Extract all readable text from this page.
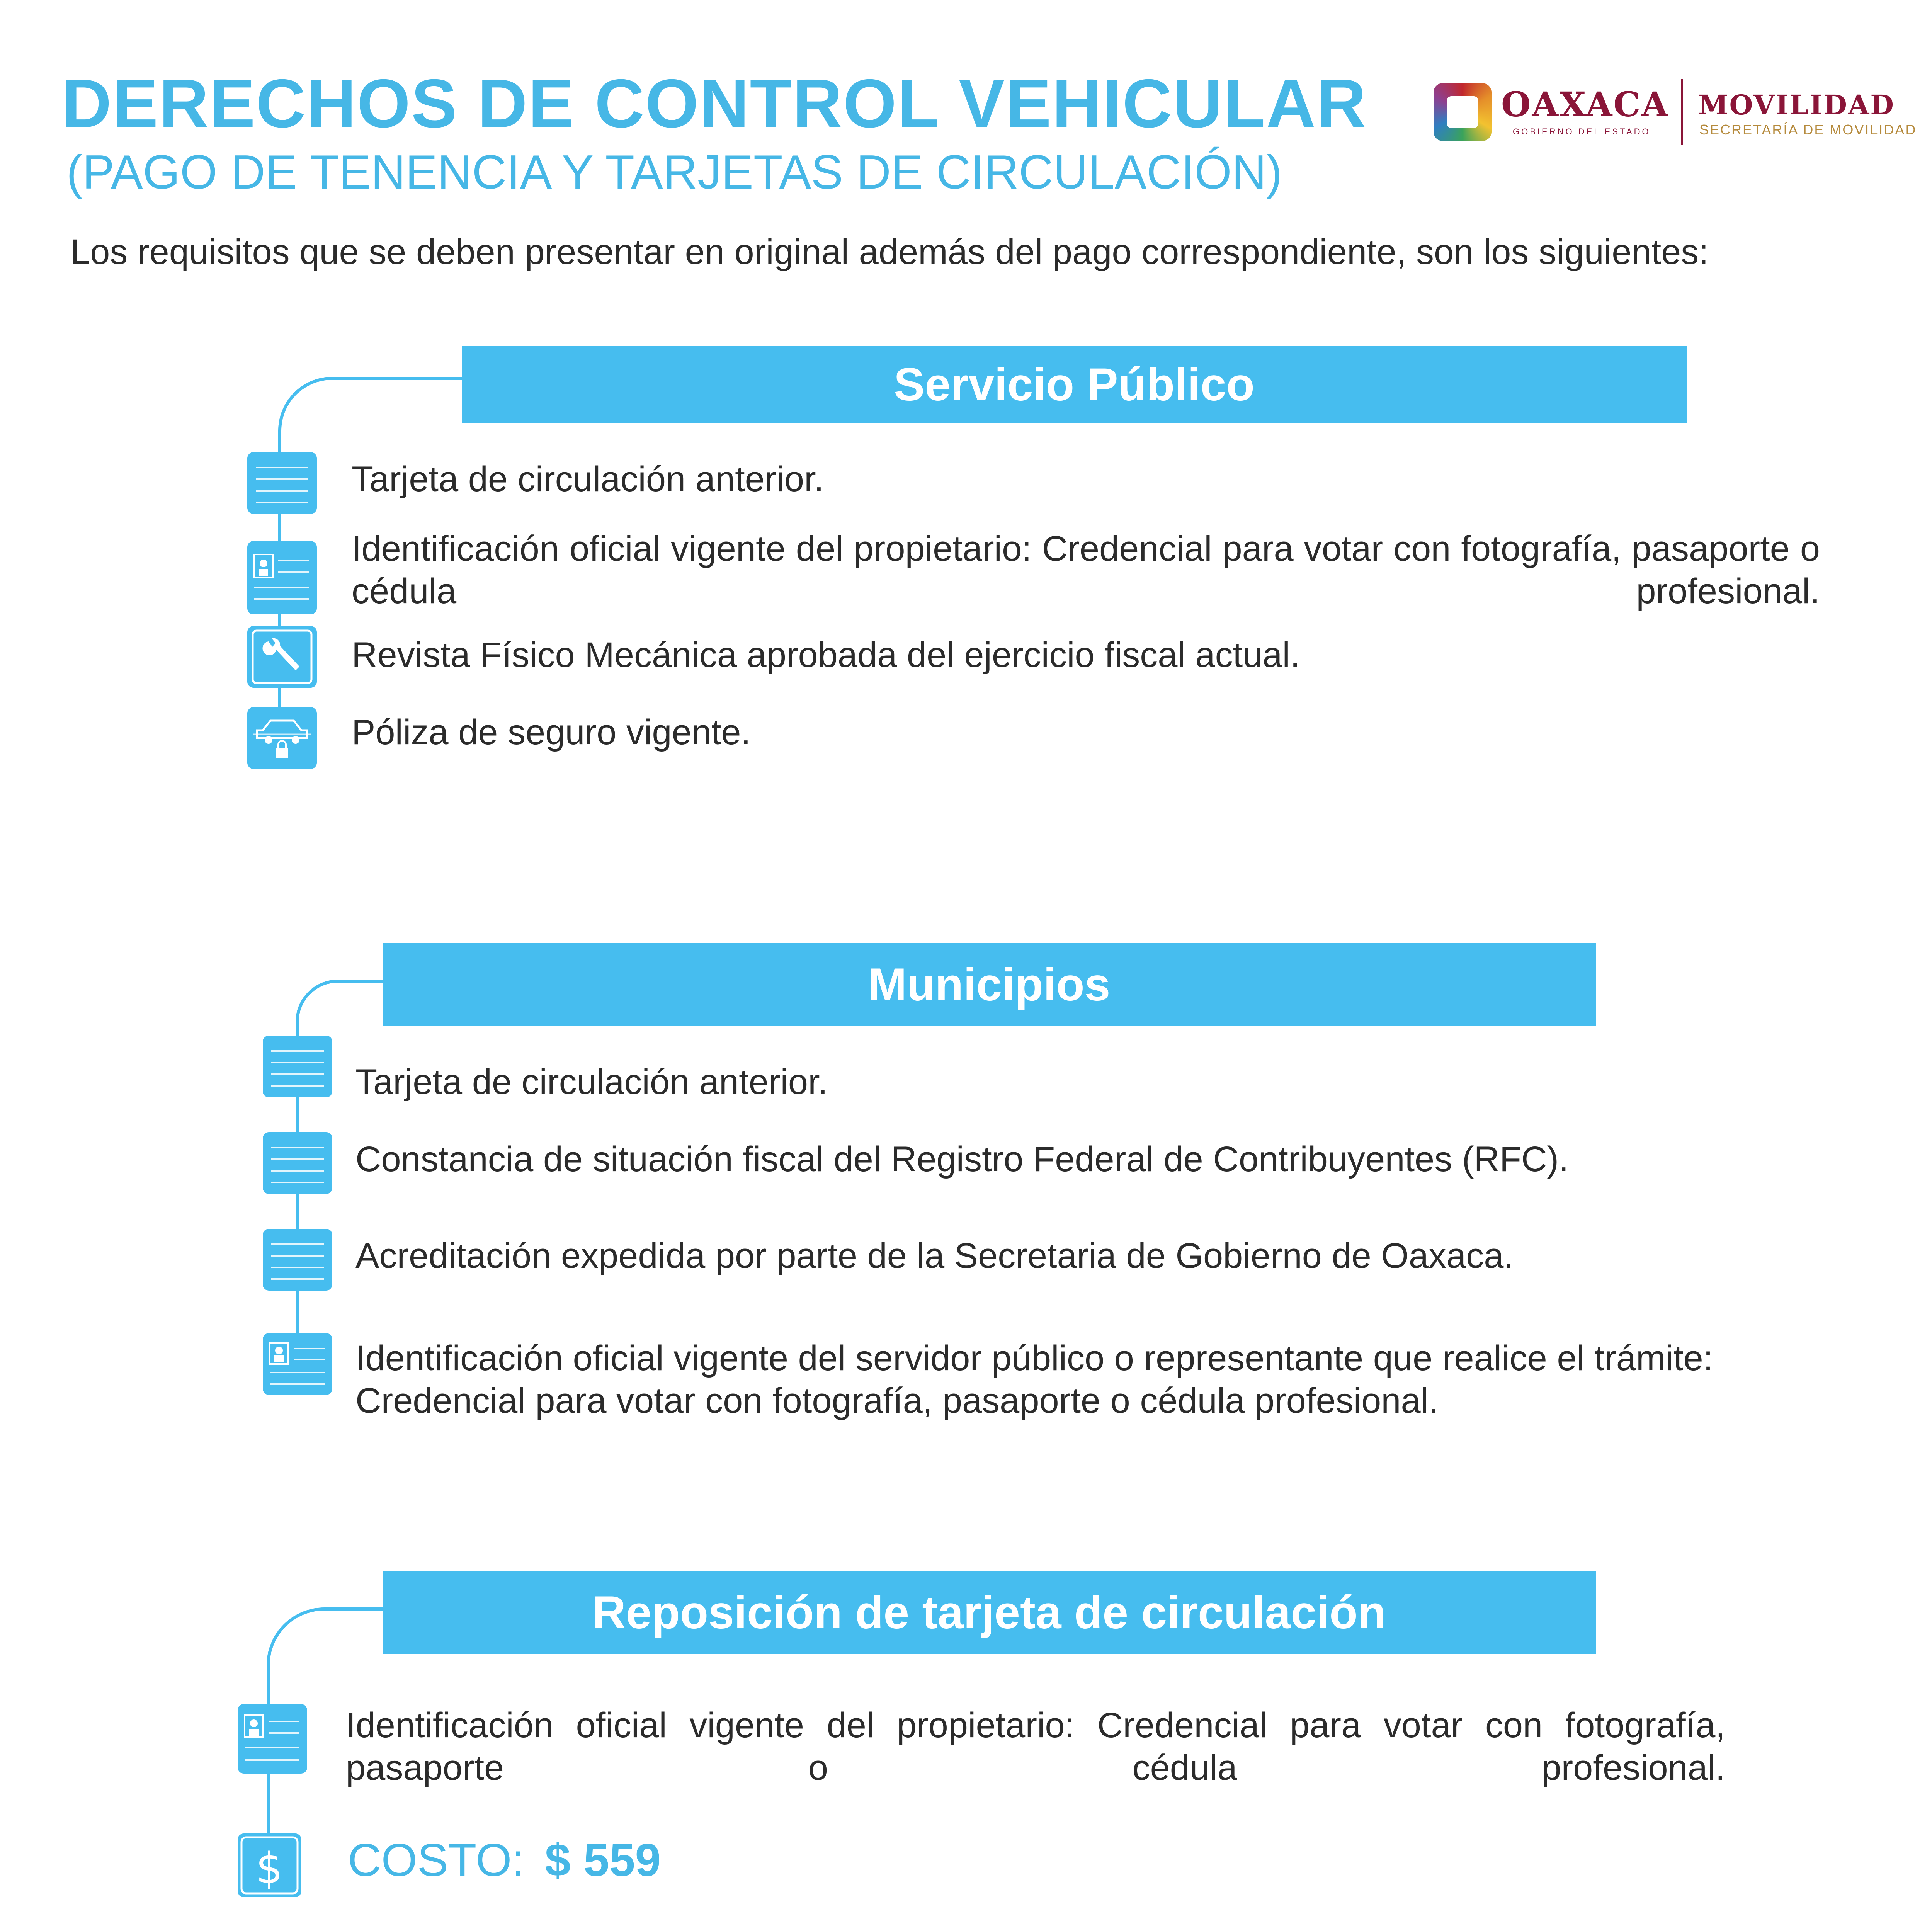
DERECHOS DE CONTROL VEHICULAR
(PAGO DE TENENCIA Y TARJETAS DE CIRCULACIÓN)
Los requisitos que se deben presentar en original además del pago correspondiente, son los siguientes:
OAXACA
GOBIERNO DEL ESTADO
MOVILIDAD
SECRETARÍA DE MOVILIDAD
Servicio Público
Tarjeta de circulación anterior.
Identificación oficial vigente del propietario: Credencial para votar con fotografía, pasaporte o cédula profesional.
Revista Físico Mecánica aprobada del ejercicio fiscal actual.
Póliza de seguro vigente.
Municipios
Tarjeta de circulación anterior.
Constancia de situación fiscal del Registro Federal de Contribuyentes (RFC).
Acreditación expedida por parte de la Secretaria de Gobierno de Oaxaca.
Identificación oficial vigente del servidor público o representante que realice el trámite: Credencial para votar con fotografía, pasaporte o cédula profesional.
Reposición de tarjeta de circulación
Identificación oficial vigente del propietario: Credencial para votar con fotografía, pasaporte o cédula profesional.
$ COSTO: $ 559
